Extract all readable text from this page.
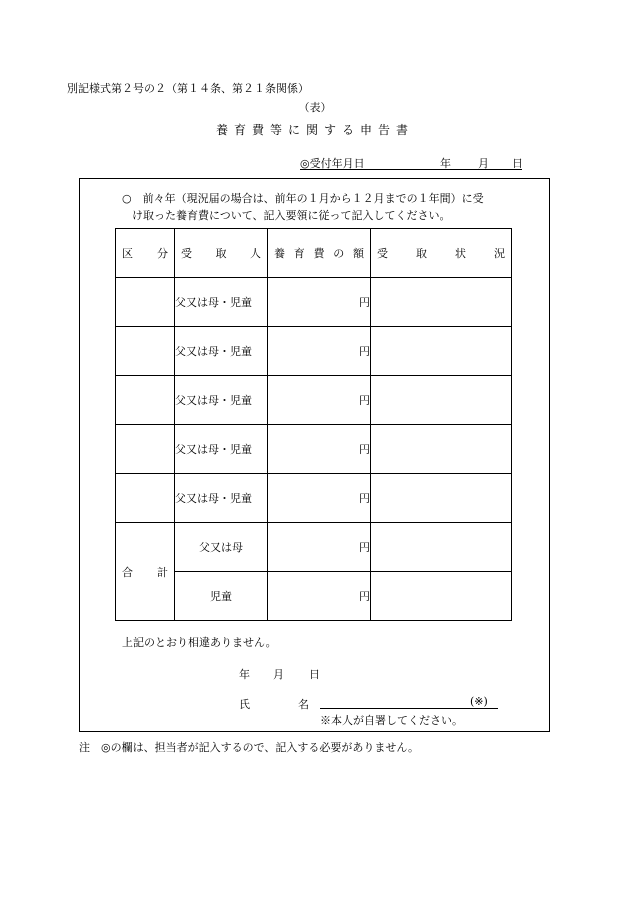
別記様式第２号の２（第１４条、第２１条関係）
（表）
養育費等に関する申告書
◎受付年月日	年 月 日
○　前々年（現況届の場合は、前年の１月から１２月までの１年間）に受
け取った養育費について、記入要領に従って記入してください。
区 分	受 取 人	養 育 費 の 額	受 取 状 況

	父又は母・児童	円	
	父又は母・児童	円	
	父又は母・児童	円	
	父又は母・児童	円	
	父又は母・児童	円	

合 計	父又は母	円	
	児童	円	
上記のとおり相違ありません。
年 月 日
氏	名	(※)
※本人が自署してください。
注　◎の欄は、担当者が記入するので、記入する必要がありません。
